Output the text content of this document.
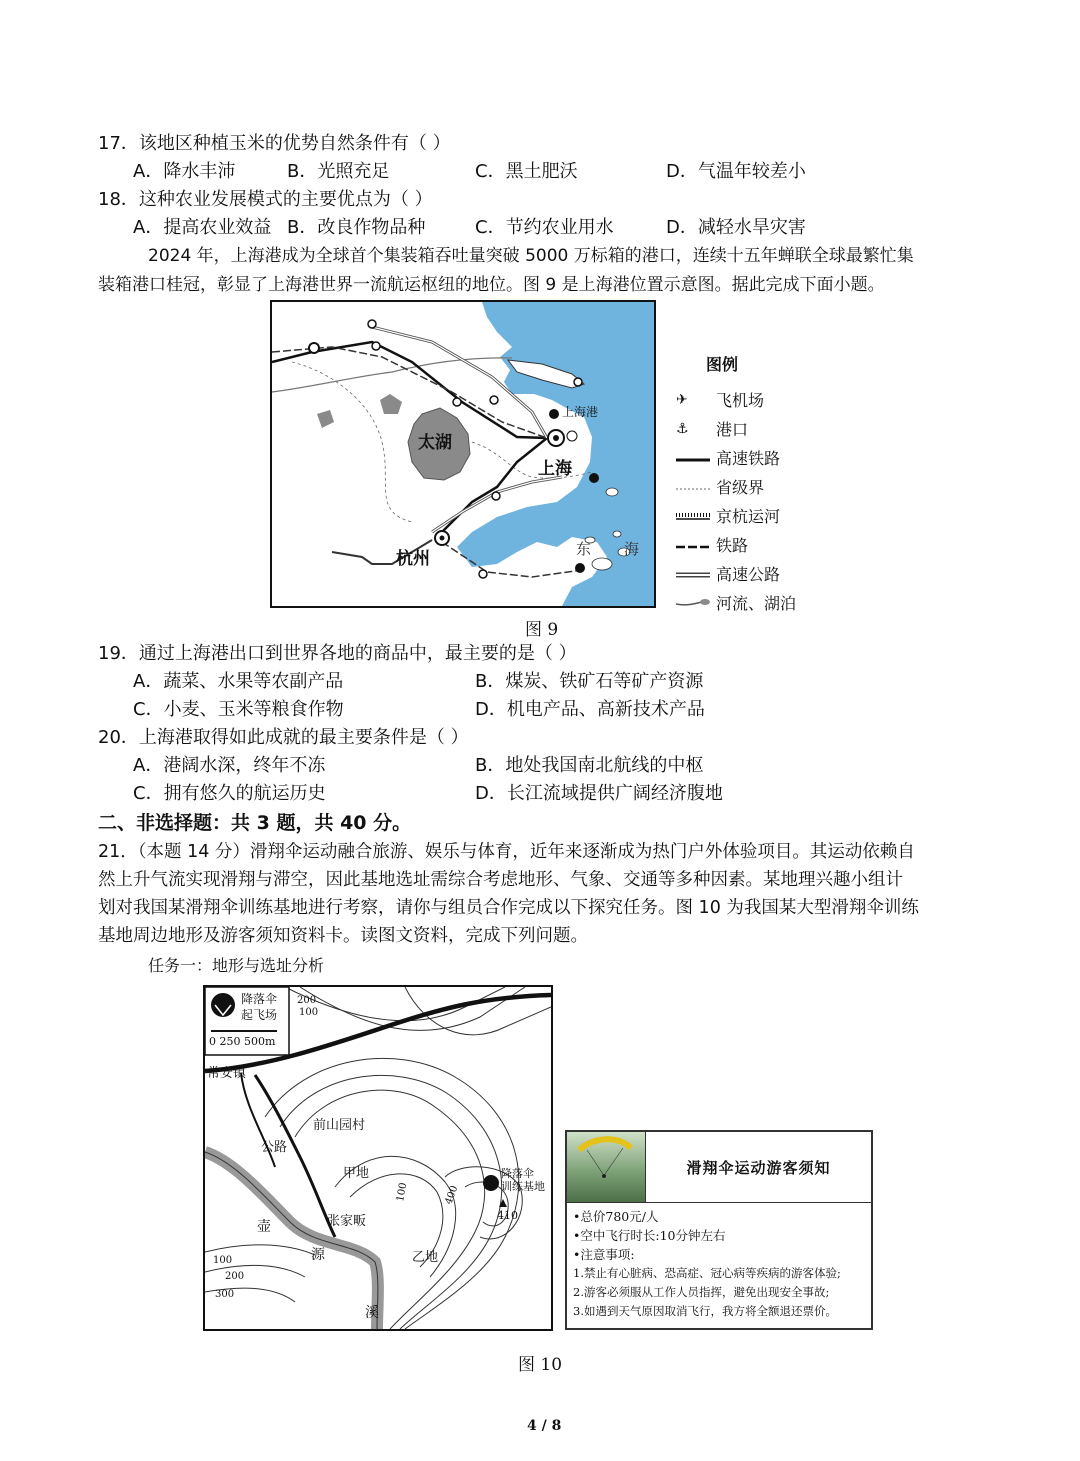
17．该地区种植玉米的优势自然条件有（ ）
A．降水丰沛	B．光照充足	C．黑土肥沃	D．气温年较差小
18．这种农业发展模式的主要优点为（ ）
A．提高农业效益 B．改良作物品种	C．节约农业用水	D．减轻水旱灾害
2024 年，上海港成为全球首个集装箱吞吐量突破 5000 万标箱的港口，连续十五年蝉联全球最繁忙集
装箱港口桂冠，彰显了上海港世界一流航运枢纽的地位。图 9 是上海港位置示意图。据此完成下面小题。
太湖
上海
上海港
杭州	东 海
图例
✈	飞机场
⚓	港口
高速铁路
省级界
京杭运河
铁路
高速公路
河流、湖泊
图 9
19．通过上海港出口到世界各地的商品中，最主要的是（ ）
A．蔬菜、水果等农副产品	B．煤炭、铁矿石等矿产资源
C．小麦、玉米等粮食作物	D．机电产品、高新技术产品
20．上海港取得如此成就的最主要条件是（ ）
A．港阔水深，终年不冻	B．地处我国南北航线的中枢
C．拥有悠久的航运历史	D．长江流域提供广阔经济腹地
二、非选择题：共 3 题，共 40 分。
21．（本题 14 分）滑翔伞运动融合旅游、娱乐与体育，近年来逐渐成为热门户外体验项目。其运动依赖自
然上升气流实现滑翔与滞空，因此基地选址需综合考虑地形、气象、交通等多种因素。某地理兴趣小组计
划对我国某滑翔伞训练基地进行考察，请你与组员合作完成以下探究任务。图 10 为我国某大型滑翔伞训练
基地周边地形及游客须知资料卡。读图文资料，完成下列问题。
任务一：地形与选址分析
降落伞
起飞场
0 250 500m
常安镇
公路
前山园村
甲地
乙地
张家畈
降落伞
训练基地
410
壶
源
溪
100
200
300
400
100
200
100
滑翔伞运动游客须知
•总价780元/人
•空中飞行时长:10分钟左右
•注意事项:
1.禁止有心脏病、恐高症、冠心病等疾病的游客体验;
2.游客必须服从工作人员指挥，避免出现安全事故;
3.如遇到天气原因取消飞行，我方将全额退还票价。
图 10
4 / 8
